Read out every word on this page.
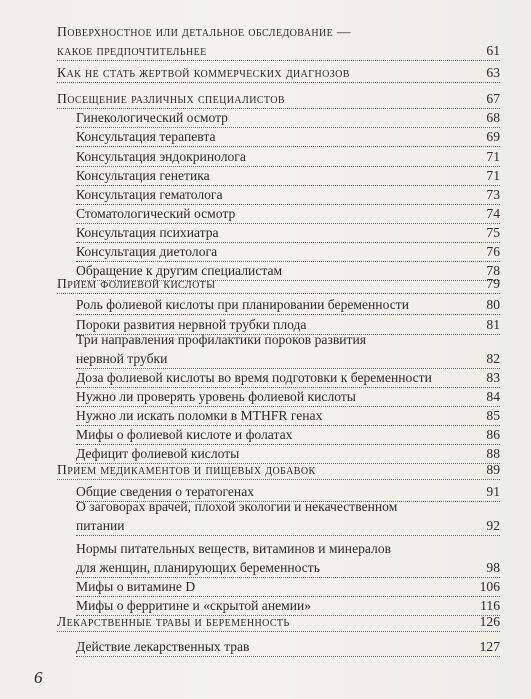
Поверхностное или детальное обследование —
какое предпочтительнее	61
Как не стать жертвой коммерческих диагнозов	63
Посещение различных специалистов	67
Гинекологический осмотр	68
Консультация терапевта	69
Консультация эндокринолога	71
Консультация генетика	71
Консультация гематолога	73
Стоматологический осмотр	74
Консультация психиатра	75
Консультация диетолога	76
Обращение к другим специалистам	78
Прием фолиевой кислоты	79
Роль фолиевой кислоты при планировании беременности	80
Пороки развития нервной трубки плода	81
Три направления профилактики пороков развития
нервной трубки	82
Доза фолиевой кислоты во время подготовки к беременности	83
Нужно ли проверять уровень фолиевой кислоты	84
Нужно ли искать поломки в MTHFR генах	85
Мифы о фолиевой кислоте и фолатах	86
Дефицит фолиевой кислоты	88
Прием медикаментов и пищевых добавок	89
Общие сведения о тератогенах	91
О заговорах врачей, плохой экологии и некачественном
питании	92
Нормы питательных веществ, витаминов и минералов
для женщин, планирующих беременность	98
Мифы о витамине D	106
Мифы о ферритине и «скрытой анемии»	116
Лекарственные травы и беременность	126
Действие лекарственных трав	127
6
